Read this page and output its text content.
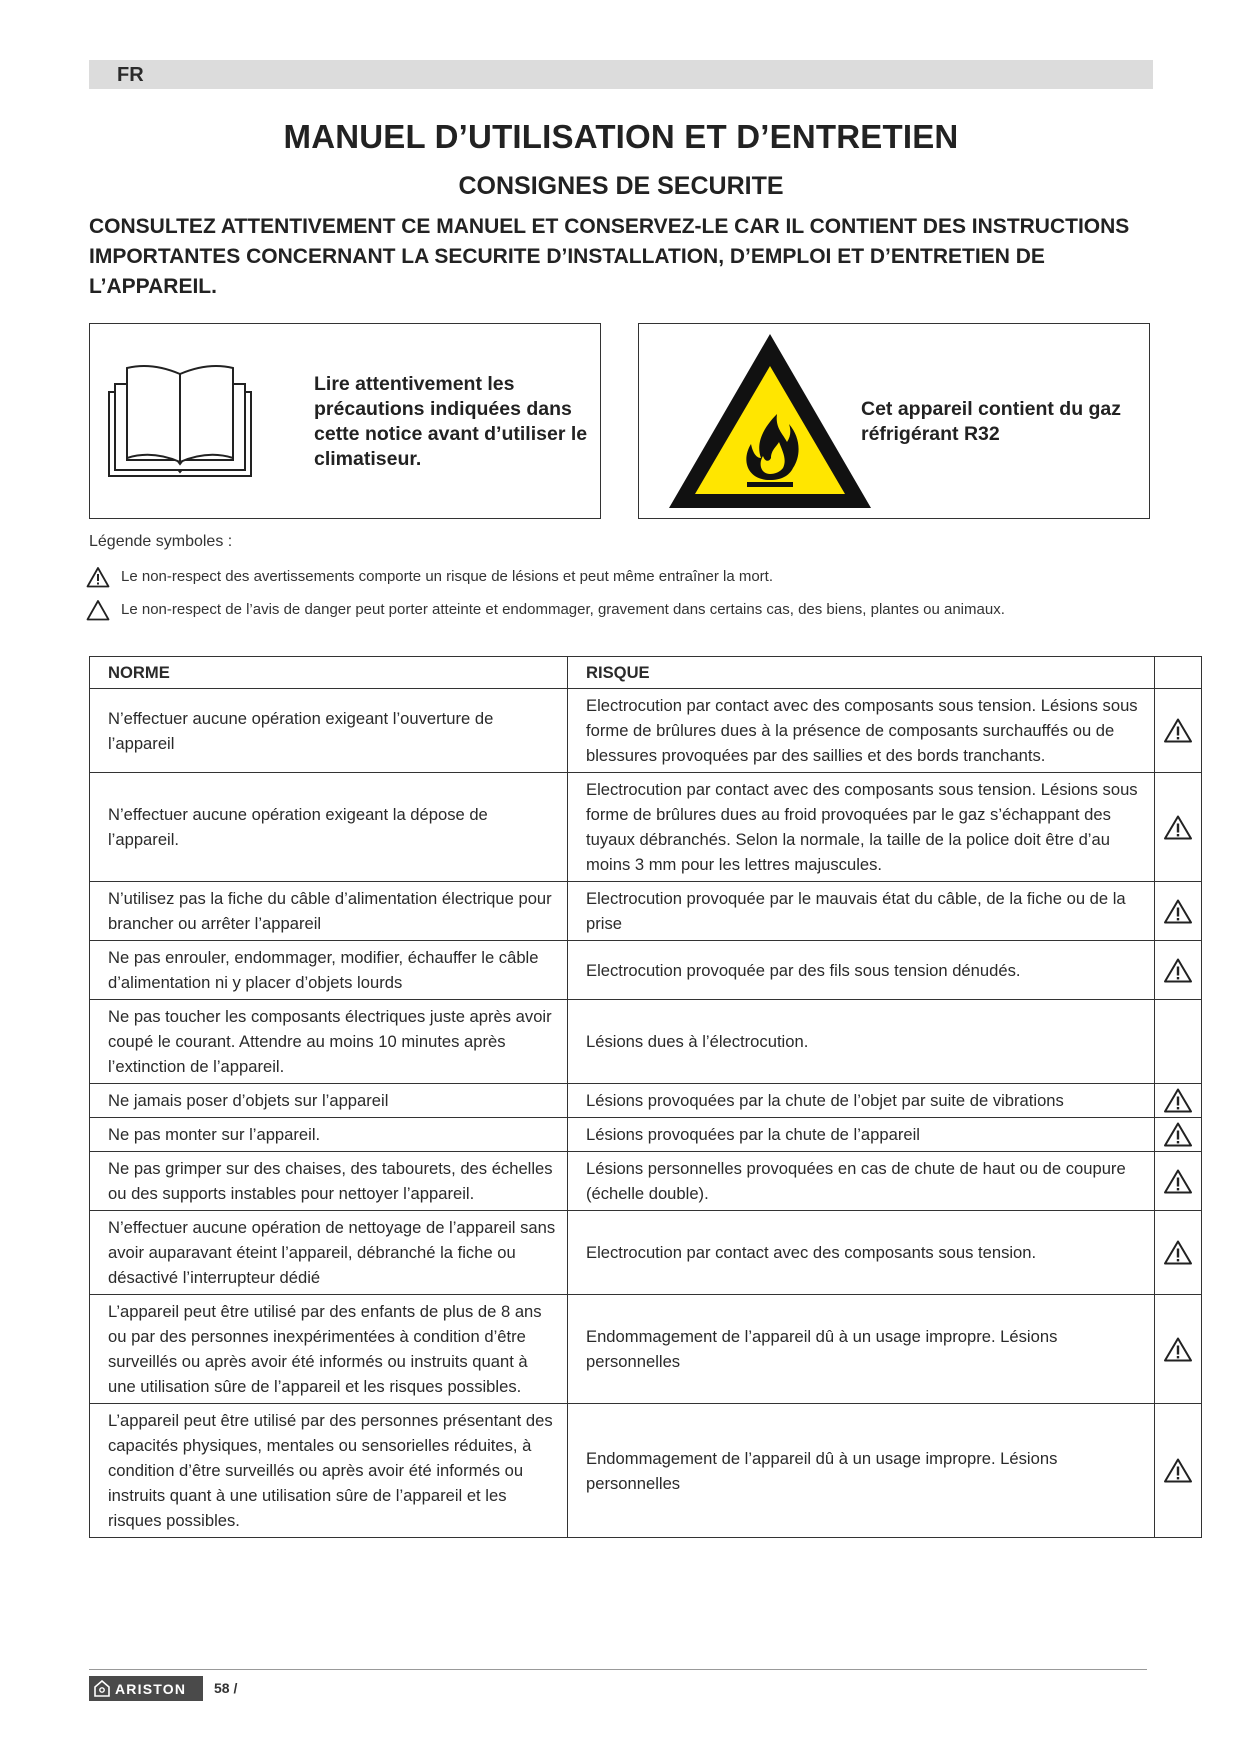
FR
MANUEL D’UTILISATION ET D’ENTRETIEN
CONSIGNES DE SECURITE

CONSULTEZ ATTENTIVEMENT CE MANUEL ET CONSERVEZ-LE CAR IL CONTIENT DES INSTRUCTIONS IMPORTANTES CONCERNANT LA SECURITE D’INSTALLATION, D’EMPLOI ET D’ENTRETIEN DE L’APPAREIL.

Lire attentivement les précautions indiquées dans cette notice avant d’utiliser le climatiseur.
Cet appareil contient du gaz réfrigérant R32
Légende symboles :
Le non-respect des avertissements comporte un risque de lésions et peut même entraîner la mort.
Le non-respect de l’avis de danger peut porter atteinte et endommager, gravement dans certains cas, des biens, plantes ou animaux.
NORME	RISQUE	
N’effectuer aucune opération exigeant l’ouverture de l’appareil	Electrocution par contact avec des composants sous tension. Lésions sous forme de brûlures dues à la présence de composants surchauffés ou de blessures provoquées par des saillies et des bords tranchants.	

N’effectuer aucune opération exigeant la dépose de l’appareil.	Electrocution par contact avec des composants sous tension. Lésions sous forme de brûlures dues au froid provoquées par le gaz s’échappant des tuyaux débranchés. Selon la normale, la taille de la police doit être d’au moins 3 mm pour les lettres majuscules.	

N’utilisez pas la fiche du câble d’alimentation électrique pour brancher ou arrêter l’appareil	Electrocution provoquée par le mauvais état du câble, de la fiche ou de la prise	

Ne pas enrouler, endommager, modifier, échauffer le câble d’alimentation ni y placer d’objets lourds	Electrocution provoquée par des fils sous tension dénudés.	

Ne pas toucher les composants électriques juste après avoir coupé le courant. Attendre au moins 10 minutes après l’extinction de l’appareil.	Lésions dues à l’électrocution.	
Ne jamais poser d’objets sur l’appareil	Lésions provoquées par la chute de l’objet par suite de vibrations	

Ne pas monter sur l’appareil.	Lésions provoquées par la chute de l’appareil	

Ne pas grimper sur des chaises, des tabourets, des échelles ou des supports instables pour nettoyer l’appareil.	Lésions personnelles provoquées en cas de chute de haut ou de coupure (échelle double).	

N’effectuer aucune opération de nettoyage de l’appareil sans avoir auparavant éteint l’appareil, débranché la fiche ou désactivé l’interrupteur dédié	Electrocution par contact avec des composants sous tension.	

L’appareil peut être utilisé par des enfants de plus de 8 ans ou par des personnes inexpérimentées à condition d’être surveillés ou après avoir été informés ou instruits quant à une utilisation sûre de l’appareil et les risques possibles.	Endommagement de l’appareil dû à un usage impropre. Lésions personnelles	

L’appareil peut être utilisé par des personnes présentant des capacités physiques, mentales ou sensorielles réduites, à condition d’être surveillés ou après avoir été informés ou instruits quant à une utilisation sûre de l’appareil et les risques possibles.	Endommagement de l’appareil dû à un usage impropre. Lésions personnelles	
ARISTON 58 /
